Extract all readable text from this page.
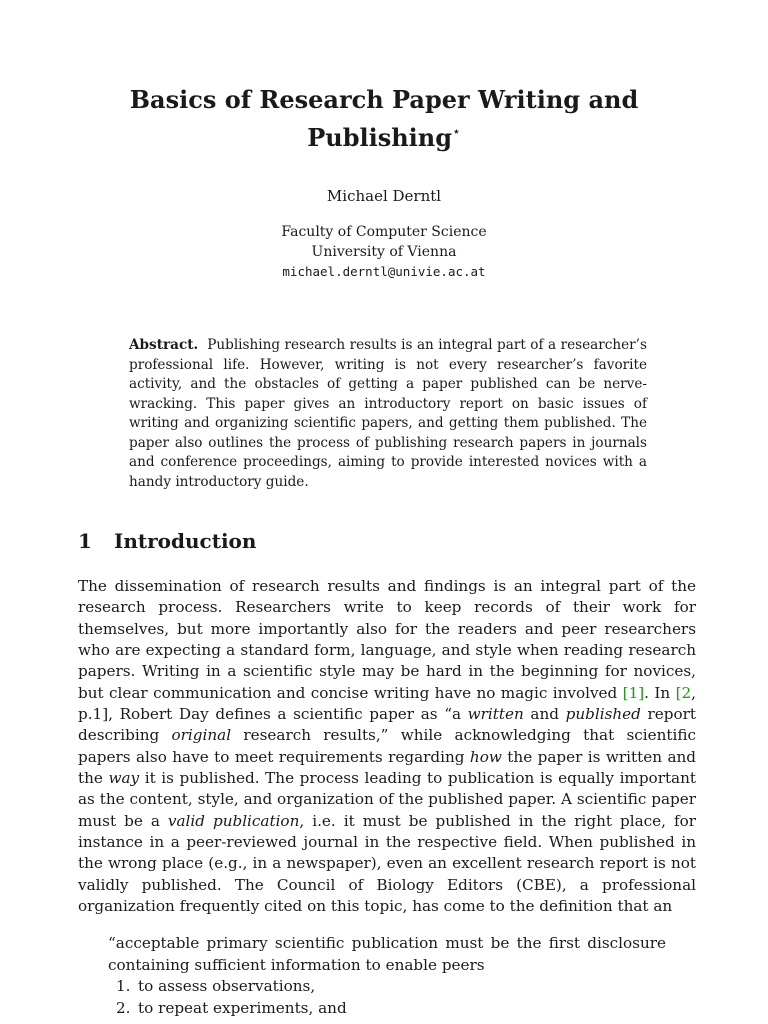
Basics of Research Paper Writing and Publishing⋆
Michael Derntl
Faculty of Computer Science
University of Vienna
michael.derntl@univie.ac.at
Abstract. Publishing research results is an integral part of a researcher’s professional life. However, writing is not every researcher’s favorite activity, and the obstacles of getting a paper published can be nerve-wracking. This paper gives an introductory report on basic issues of writing and organizing scientific papers, and getting them published. The paper also outlines the process of publishing research papers in journals and conference proceedings, aiming to provide interested novices with a handy introductory guide.
1 Introduction
The dissemination of research results and findings is an integral part of the research process. Researchers write to keep records of their work for themselves, but more importantly also for the readers and peer researchers who are expecting a standard form, language, and style when reading research papers. Writing in a scientific style may be hard in the beginning for novices, but clear communication and concise writing have no magic involved [1]. In [2, p.1], Robert Day defines a scientific paper as “a written and published report describing original research results,” while acknowledging that scientific papers also have to meet requirements regarding how the paper is written and the way it is published. The process leading to publication is equally important as the content, style, and organization of the published paper. A scientific paper must be a valid publication, i.e. it must be published in the right place, for instance in a peer-reviewed journal in the respective field. When published in the wrong place (e.g., in a newspaper), even an excellent research report is not validly published. The Council of Biology Editors (CBE), a professional organization frequently cited on this topic, has come to the definition that an
“acceptable primary scientific publication must be the first disclosure containing sufficient information to enable peers
1. to assess observations,
2. to repeat experiments, and
